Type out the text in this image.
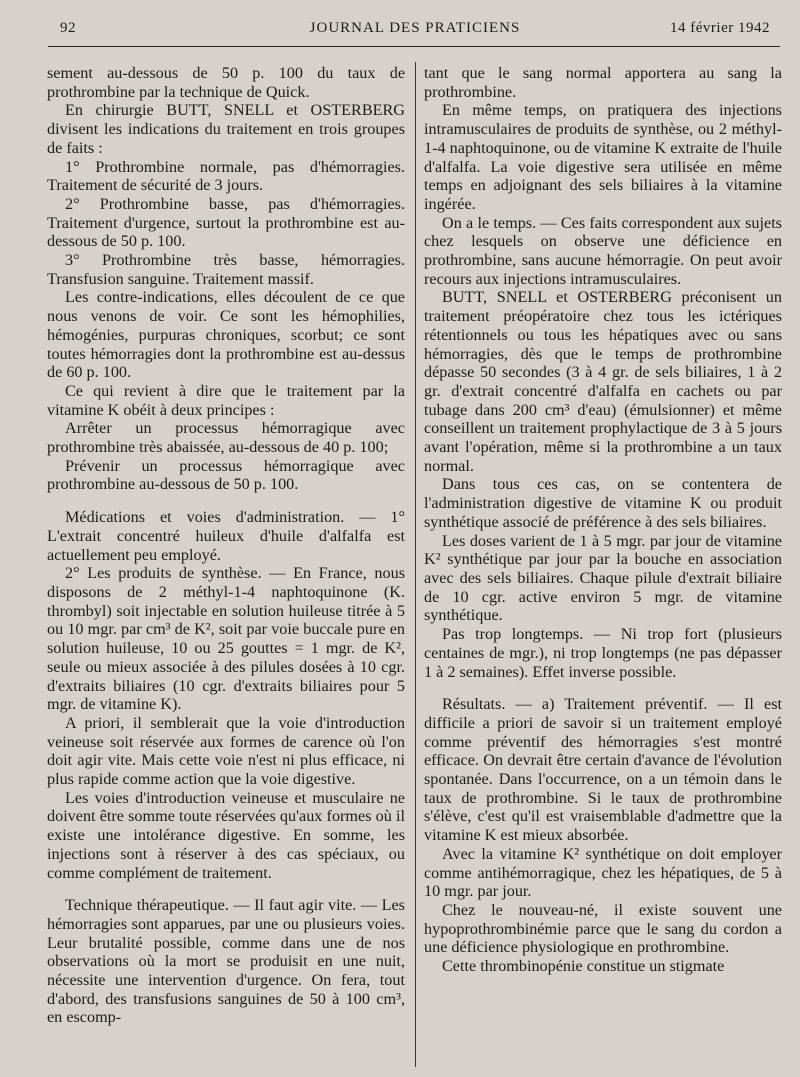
92	JOURNAL DES PRATICIENS	14 février 1942

sement au-dessous de 50 p. 100 du taux de prothrombine par la technique de Quick.

En chirurgie BUTT, SNELL et OSTERBERG divisent les indications du traitement en trois groupes de faits :

1° Prothrombine normale, pas d'hémorragies. Traitement de sécurité de 3 jours.

2° Prothrombine basse, pas d'hémorragies. Traitement d'urgence, surtout la prothrombine est au-dessous de 50 p. 100.

3° Prothrombine très basse, hémorragies. Transfusion sanguine. Traitement massif.

Les contre-indications, elles découlent de ce que nous venons de voir. Ce sont les hémophilies, hémogénies, purpuras chroniques, scorbut; ce sont toutes hémorragies dont la prothrombine est au-dessus de 60 p. 100.

Ce qui revient à dire que le traitement par la vitamine K obéit à deux principes :

Arrêter un processus hémorragique avec prothrombine très abaissée, au-dessous de 40 p. 100;

Prévenir un processus hémorragique avec prothrombine au-dessous de 50 p. 100.

Médications et voies d'administration. — 1° L'extrait concentré huileux d'huile d'alfalfa est actuellement peu employé.

2° Les produits de synthèse. — En France, nous disposons de 2 méthyl-1-4 naphtoquinone (K. thrombyl) soit injectable en solution huileuse titrée à 5 ou 10 mgr. par cm³ de K², soit par voie buccale pure en solution huileuse, 10 ou 25 gouttes = 1 mgr. de K², seule ou mieux associée à des pilules dosées à 10 cgr. d'extraits biliaires (10 cgr. d'extraits biliaires pour 5 mgr. de vitamine K).

A priori, il semblerait que la voie d'introduction veineuse soit réservée aux formes de carence où l'on doit agir vite. Mais cette voie n'est ni plus efficace, ni plus rapide comme action que la voie digestive.

Les voies d'introduction veineuse et musculaire ne doivent être somme toute réservées qu'aux formes où il existe une intolérance digestive. En somme, les injections sont à réserver à des cas spéciaux, ou comme complément de traitement.

Technique thérapeutique. — Il faut agir vite. — Les hémorragies sont apparues, par une ou plusieurs voies. Leur brutalité possible, comme dans une de nos observations où la mort se produisit en une nuit, nécessite une intervention d'urgence. On fera, tout d'abord, des transfusions sanguines de 50 à 100 cm³, en escomp-

tant que le sang normal apportera au sang la prothrombine.

En même temps, on pratiquera des injections intramusculaires de produits de synthèse, ou 2 méthyl-1-4 naphtoquinone, ou de vitamine K extraite de l'huile d'alfalfa. La voie digestive sera utilisée en même temps en adjoignant des sels biliaires à la vitamine ingérée.

On a le temps. — Ces faits correspondent aux sujets chez lesquels on observe une déficience en prothrombine, sans aucune hémorragie. On peut avoir recours aux injections intramusculaires.

BUTT, SNELL et OSTERBERG préconisent un traitement préopératoire chez tous les ictériques rétentionnels ou tous les hépatiques avec ou sans hémorragies, dès que le temps de prothrombine dépasse 50 secondes (3 à 4 gr. de sels biliaires, 1 à 2 gr. d'extrait concentré d'alfalfa en cachets ou par tubage dans 200 cm³ d'eau) (émulsionner) et même conseillent un traitement prophylactique de 3 à 5 jours avant l'opération, même si la prothrombine a un taux normal.

Dans tous ces cas, on se contentera de l'administration digestive de vitamine K ou produit synthétique associé de préférence à des sels biliaires.

Les doses varient de 1 à 5 mgr. par jour de vitamine K² synthétique par jour par la bouche en association avec des sels biliaires. Chaque pilule d'extrait biliaire de 10 cgr. active environ 5 mgr. de vitamine synthétique.

Pas trop longtemps. — Ni trop fort (plusieurs centaines de mgr.), ni trop longtemps (ne pas dépasser 1 à 2 semaines). Effet inverse possible.

Résultats. — a) Traitement préventif. — Il est difficile a priori de savoir si un traitement employé comme préventif des hémorragies s'est montré efficace. On devrait être certain d'avance de l'évolution spontanée. Dans l'occurrence, on a un témoin dans le taux de prothrombine. Si le taux de prothrombine s'élève, c'est qu'il est vraisemblable d'admettre que la vitamine K est mieux absorbée.

Avec la vitamine K² synthétique on doit employer comme antihémorragique, chez les hépatiques, de 5 à 10 mgr. par jour.

Chez le nouveau-né, il existe souvent une hypoprothrombinémie parce que le sang du cordon a une déficience physiologique en prothrombine.

Cette thrombinopénie constitue un stigmate
